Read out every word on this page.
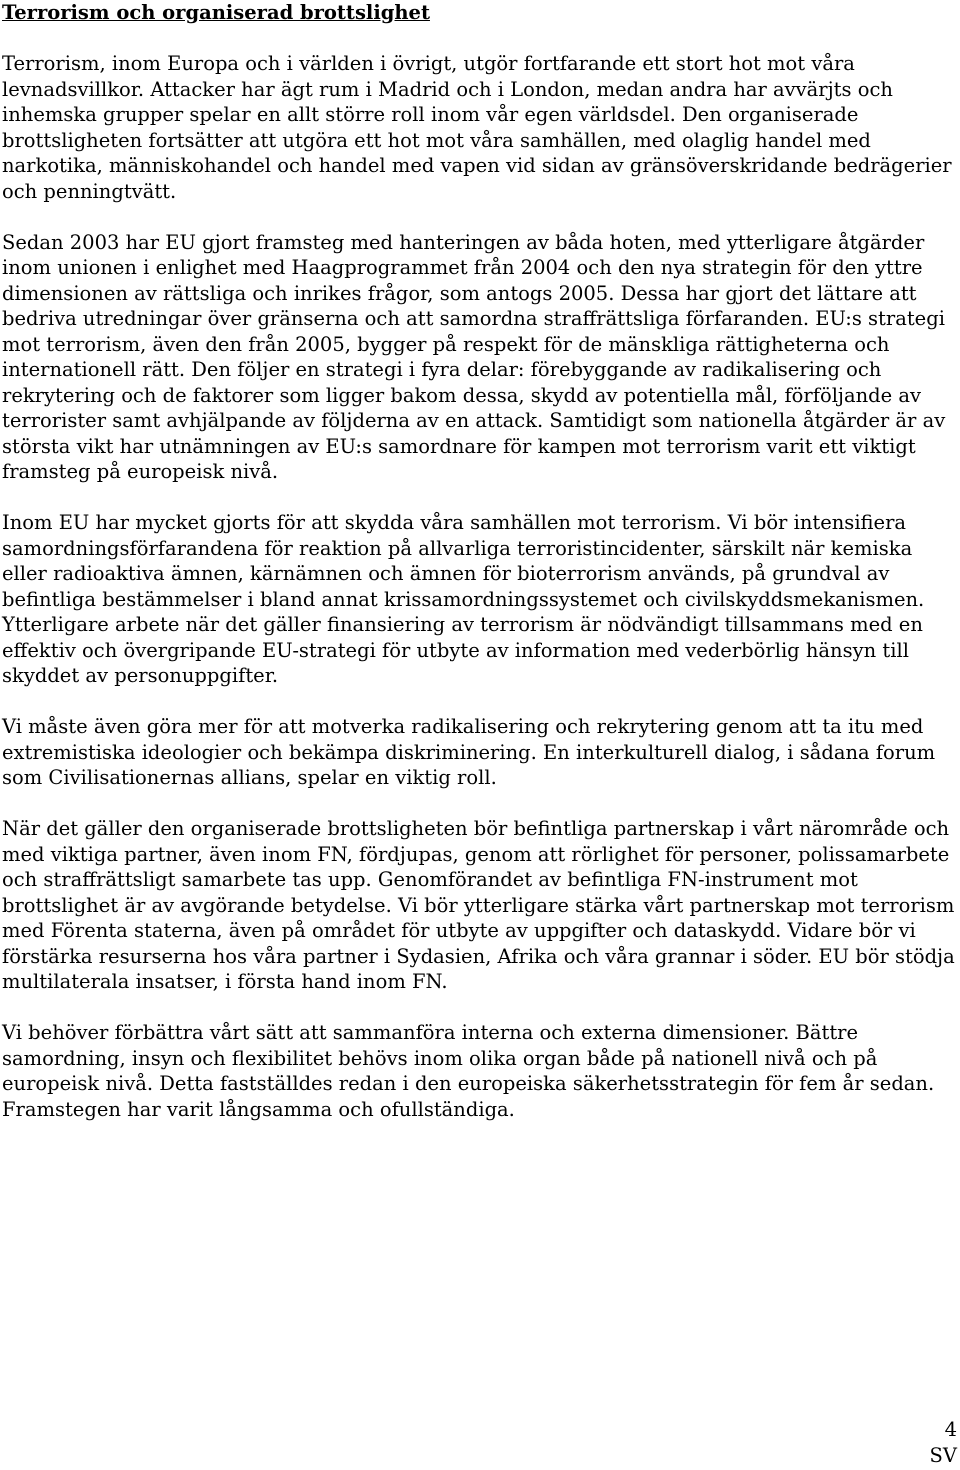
Terrorism och organiserad brottslighet

Terrorism, inom Europa och i världen i övrigt, utgör fortfarande ett stort hot mot våra levnadsvillkor. Attacker har ägt rum i Madrid och i London, medan andra har avvärjts och inhemska grupper spelar en allt större roll inom vår egen världsdel. Den organiserade brottsligheten fortsätter att utgöra ett hot mot våra samhällen, med olaglig handel med narkotika, människohandel och handel med vapen vid sidan av gränsöverskridande bedrägerier och penningtvätt.

Sedan 2003 har EU gjort framsteg med hanteringen av båda hoten, med ytterligare åtgärder inom unionen i enlighet med Haagprogrammet från 2004 och den nya strategin för den yttre dimensionen av rättsliga och inrikes frågor, som antogs 2005. Dessa har gjort det lättare att bedriva utredningar över gränserna och att samordna straffrättsliga förfaranden. EU:s strategi mot terrorism, även den från 2005, bygger på respekt för de mänskliga rättigheterna och internationell rätt. Den följer en strategi i fyra delar: förebyggande av radikalisering och rekrytering och de faktorer som ligger bakom dessa, skydd av potentiella mål, förföljande av terrorister samt avhjälpande av följderna av en attack. Samtidigt som nationella åtgärder är av största vikt har utnämningen av EU:s samordnare för kampen mot terrorism varit ett viktigt framsteg på europeisk nivå.

Inom EU har mycket gjorts för att skydda våra samhällen mot terrorism. Vi bör intensifiera samordningsförfarandena för reaktion på allvarliga terroristincidenter, särskilt när kemiska eller radioaktiva ämnen, kärnämnen och ämnen för bioterrorism används, på grundval av befintliga bestämmelser i bland annat krissamordningssystemet och civilskyddsmekanismen. Ytterligare arbete när det gäller finansiering av terrorism är nödvändigt tillsammans med en effektiv och övergripande EU-strategi för utbyte av information med vederbörlig hänsyn till skyddet av personuppgifter.

Vi måste även göra mer för att motverka radikalisering och rekrytering genom att ta itu med extremistiska ideologier och bekämpa diskriminering. En interkulturell dialog, i sådana forum som Civilisationernas allians, spelar en viktig roll.

När det gäller den organiserade brottsligheten bör befintliga partnerskap i vårt närområde och med viktiga partner, även inom FN, fördjupas, genom att rörlighet för personer, polissamarbete och straffrättsligt samarbete tas upp. Genomförandet av befintliga FN-instrument mot brottslighet är av avgörande betydelse. Vi bör ytterligare stärka vårt partnerskap mot terrorism med Förenta staterna, även på området för utbyte av uppgifter och dataskydd. Vidare bör vi förstärka resurserna hos våra partner i Sydasien, Afrika och våra grannar i söder. EU bör stödja multilaterala insatser, i första hand inom FN.

Vi behöver förbättra vårt sätt att sammanföra interna och externa dimensioner. Bättre samordning, insyn och flexibilitet behövs inom olika organ både på nationell nivå och på europeisk nivå. Detta fastställdes redan i den europeiska säkerhetsstrategin för fem år sedan. Framstegen har varit långsamma och ofullständiga.

4
SV
